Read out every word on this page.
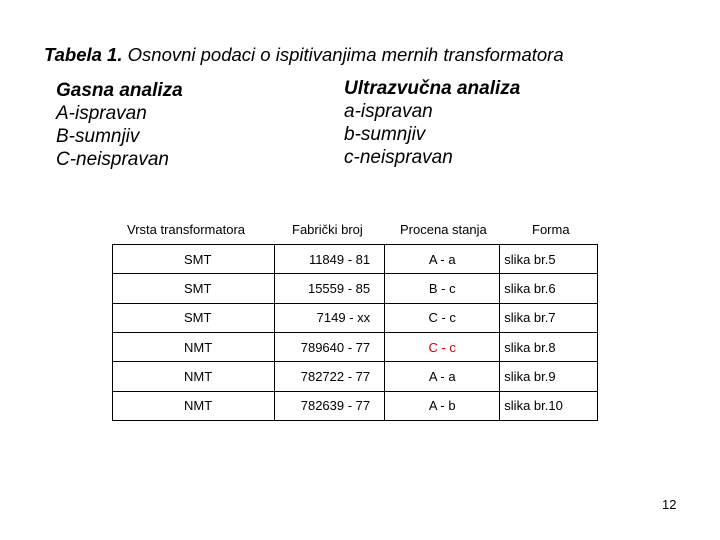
Tabela 1. Osnovni podaci o ispitivanjima mernih transformatora
Gasna analiza
A-ispravan
B-sumnjiv
C-neispravan
Ultrazvučna analiza
a-ispravan
b-sumnjiv
c-neispravan
Vrsta transformatora	Fabrički broj	Procena stanja	Forma
SMT	11849 - 81	A - a	slika br.5
SMT	15559 - 85	B - c	slika br.6
SMT	7149 - xx	C - c	slika br.7
NMT	789640 - 77	C - c	slika br.8
NMT	782722 - 77	A - a	slika br.9
NMT	782639 - 77	A - b	slika br.10
12
